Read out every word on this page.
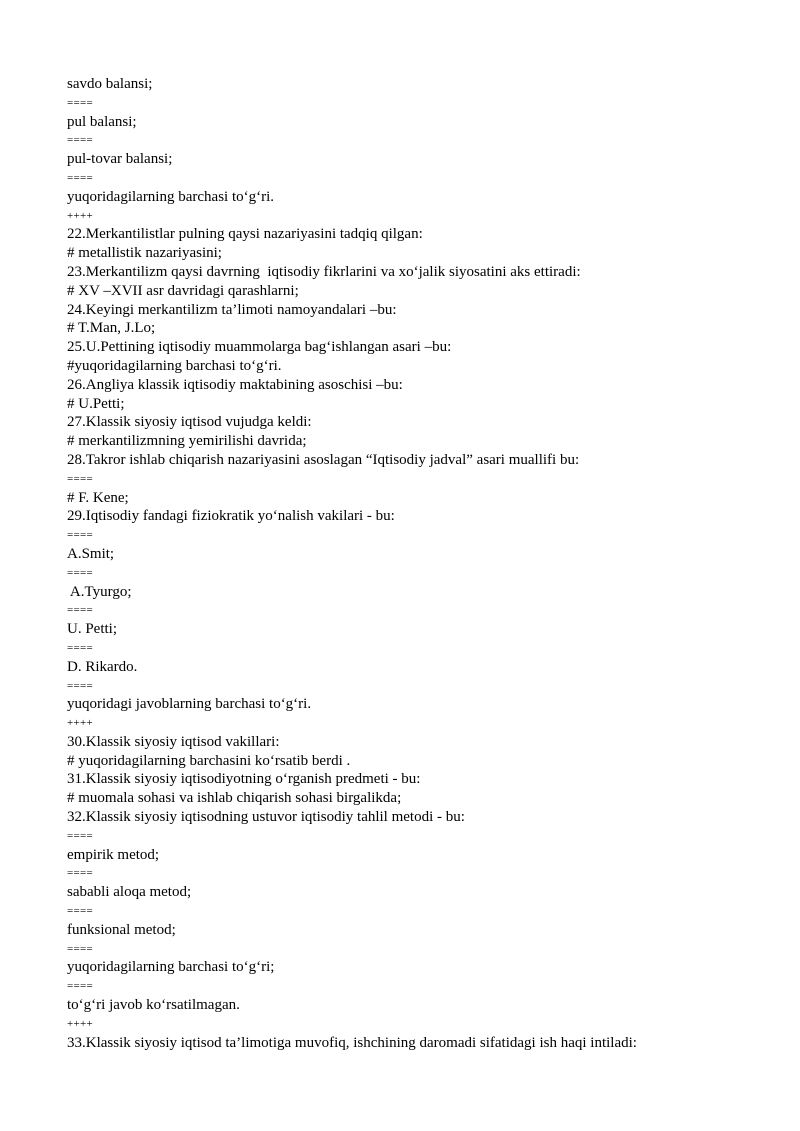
savdo balansi;
====
pul balansi;
====
pul-tovar balansi;
====
yuqoridagilarning barchasi to‘g‘ri.
++++
22.Merkantilistlar pulning qaysi nazariyasini tadqiq qilgan:
# metallistik nazariyasini;
23.Merkantilizm qaysi davrning  iqtisodiy fikrlarini va xo‘jalik siyosatini aks ettiradi:
# XV –XVII asr davridagi qarashlarni;
24.Keyingi merkantilizm ta’limoti namoyandalari –bu:
# T.Man, J.Lo;
25.U.Pettining iqtisodiy muammolarga bag‘ishlangan asari –bu:
#yuqoridagilarning barchasi to‘g‘ri.
26.Angliya klassik iqtisodiy maktabining asoschisi –bu:
# U.Petti;
27.Klassik siyosiy iqtisod vujudga keldi:
# merkantilizmning yemirilishi davrida;
28.Takror ishlab chiqarish nazariyasini asoslagan “Iqtisodiy jadval” asari muallifi bu:
====
# F. Kene;
29.Iqtisodiy fandagi fiziokratik yo‘nalish vakilari - bu:
====
A.Smit;
====
A.Tyurgo;
====
U. Petti;
====
D. Rikardo.
====
yuqoridagi javoblarning barchasi to‘g‘ri.
++++
30.Klassik siyosiy iqtisod vakillari:
# yuqoridagilarning barchasini ko‘rsatib berdi .
31.Klassik siyosiy iqtisodiyotning o‘rganish predmeti - bu:
# muomala sohasi va ishlab chiqarish sohasi birgalikda;
32.Klassik siyosiy iqtisodning ustuvor iqtisodiy tahlil metodi - bu:
====
empirik metod;
====
sababli aloqa metod;
====
funksional metod;
====
yuqoridagilarning barchasi to‘g‘ri;
====
to‘g‘ri javob ko‘rsatilmagan.
++++
33.Klassik siyosiy iqtisod ta’limotiga muvofiq, ishchining daromadi sifatidagi ish haqi intiladi:
